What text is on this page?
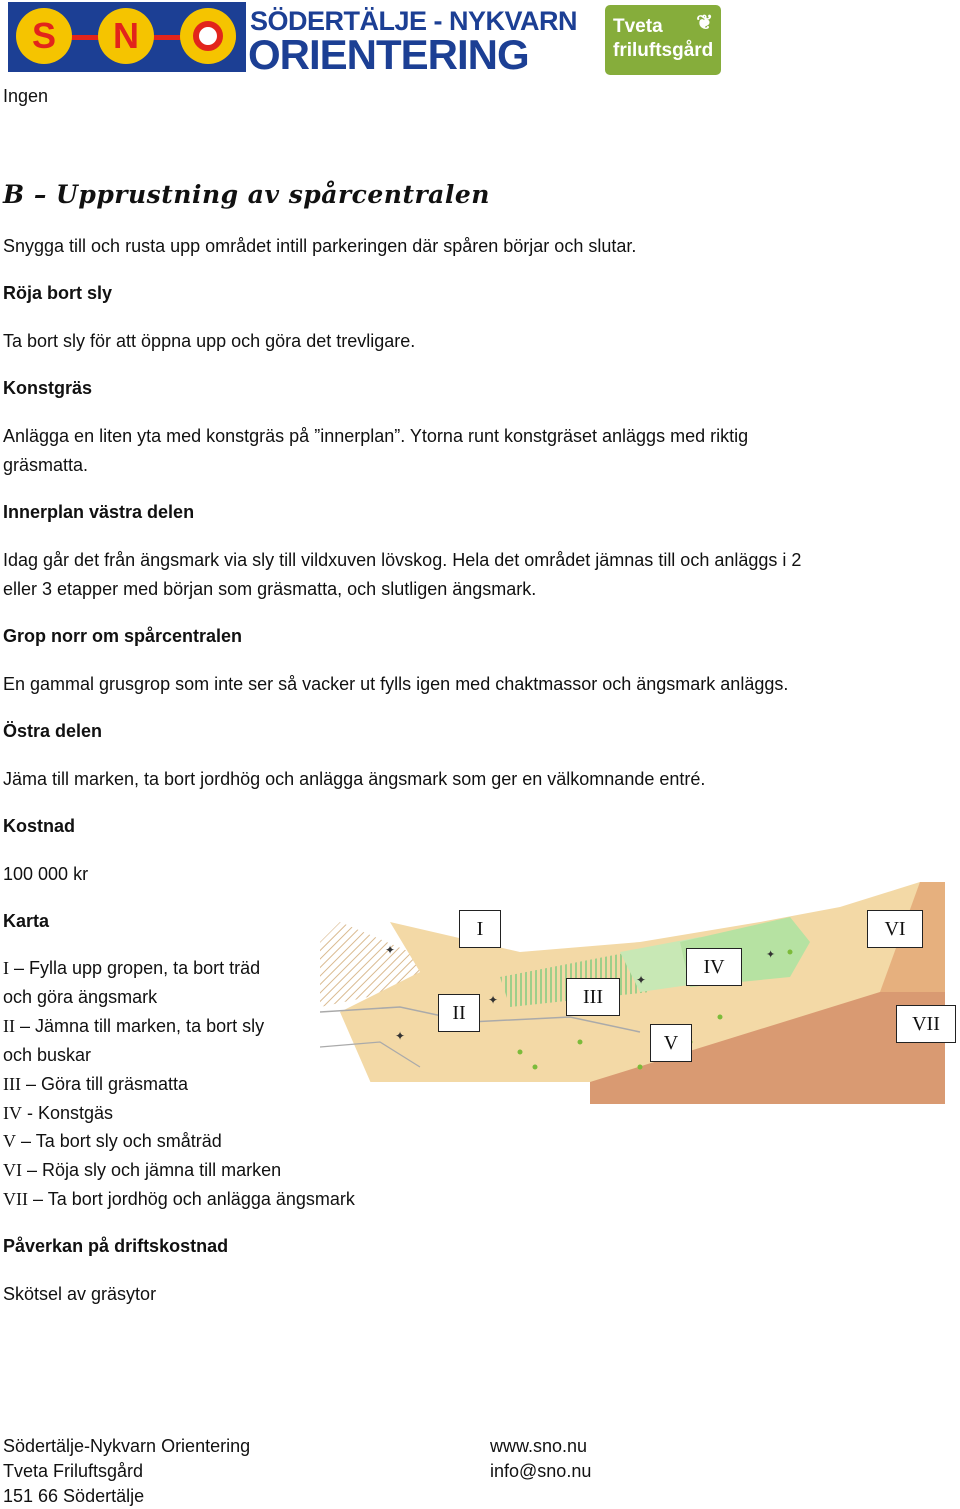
S	N	SÖDERTÄLJE - NYKVARN
ORIENTERING
Tveta
friluftsgård
❦
Ingen
B – Upprustning av spårcentralen
Snygga till och rusta upp området intill parkeringen där spåren börjar och slutar.
Röja bort sly
Ta bort sly för att öppna upp och göra det trevligare.
Konstgräs
Anlägga en liten yta med konstgräs på ”innerplan”. Ytorna runt konstgräset anläggs med riktig
gräsmatta.
Innerplan västra delen
Idag går det från ängsmark via sly till vildxuven lövskog. Hela det området jämnas till och anläggs i 2
eller 3 etapper med början som gräsmatta, och slutligen ängsmark.
Grop norr om spårcentralen
En gammal grusgrop som inte ser så vacker ut fylls igen med chaktmassor och ängsmark anläggs.
Östra delen
Jäma till marken, ta bort jordhög och anlägga ängsmark som ger en välkomnande entré.
Kostnad
100 000 kr
Karta
I – Fylla upp gropen, ta bort träd
och göra ängsmark
II – Jämna till marken, ta bort sly
och buskar
III – Göra till gräsmatta
IV - Konstgäs
V – Ta bort sly och småträd
VI – Röja sly och jämna till marken
VII – Ta bort jordhög och anlägga ängsmark
✦
✦
✦
✦
✦
I
II
III
IV
V
VI
VII
Påverkan på driftskostnad
Skötsel av gräsytor
Södertälje-Nykvarn Orientering
Tveta Friluftsgård
151 66 Södertälje
www.sno.nu
info@sno.nu
